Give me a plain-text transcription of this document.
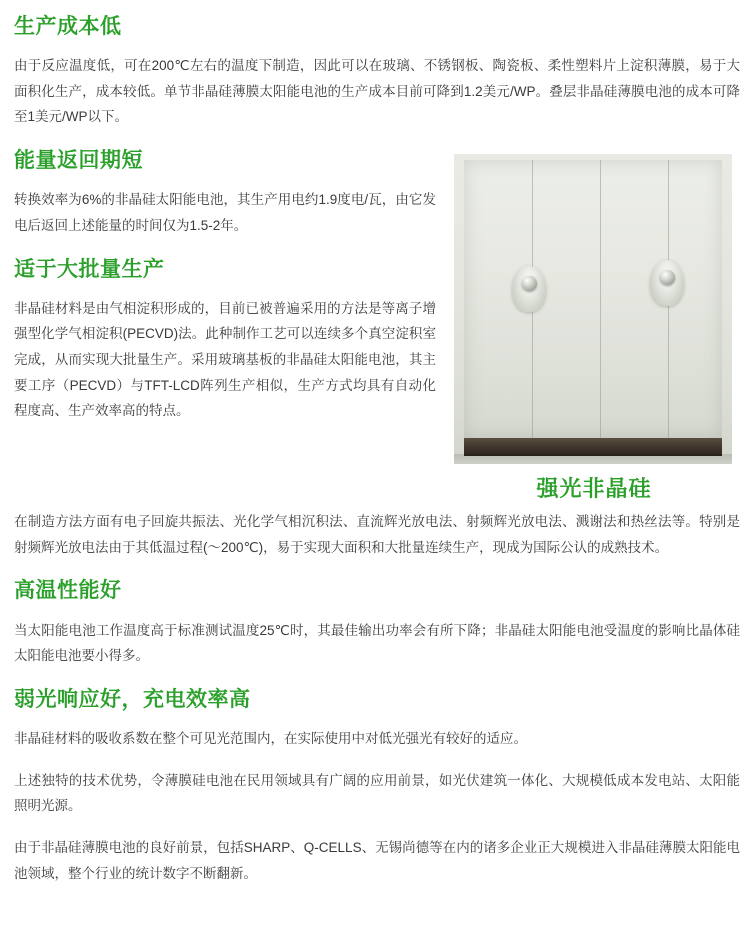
生产成本低

由于反应温度低，可在200℃左右的温度下制造，因此可以在玻璃、不锈钢板、陶瓷板、柔性塑料片上淀积薄膜，易于大面积化生产，成本较低。单节非晶硅薄膜太阳能电池的生产成本目前可降到1.2美元/WP。叠层非晶硅薄膜电池的成本可降至1美元/WP以下。

强光非晶硅
能量返回期短

转换效率为6%的非晶硅太阳能电池，其生产用电约1.9度电/瓦，由它发电后返回上述能量的时间仅为1.5-2年。

适于大批量生产

非晶硅材料是由气相淀积形成的，目前已被普遍采用的方法是等离子增强型化学气相淀积(PECVD)法。此种制作工艺可以连续多个真空淀积室完成，从而实现大批量生产。采用玻璃基板的非晶硅太阳能电池，其主要工序（PECVD）与TFT-LCD阵列生产相似，生产方式均具有自动化程度高、生产效率高的特点。

在制造方法方面有电子回旋共振法、光化学气相沉积法、直流辉光放电法、射频辉光放电法、溅谢法和热丝法等。特别是射频辉光放电法由于其低温过程(～200℃)，易于实现大面积和大批量连续生产，现成为国际公认的成熟技术。

高温性能好

当太阳能电池工作温度高于标准测试温度25℃时，其最佳输出功率会有所下降；非晶硅太阳能电池受温度的影响比晶体硅太阳能电池要小得多。

弱光响应好，充电效率高

非晶硅材料的吸收系数在整个可见光范围内，在实际使用中对低光强光有较好的适应。

上述独特的技术优势，令薄膜硅电池在民用领域具有广阔的应用前景，如光伏建筑一体化、大规模低成本发电站、太阳能照明光源。

由于非晶硅薄膜电池的良好前景，包括SHARP、Q-CELLS、无锡尚德等在内的诸多企业正大规模进入非晶硅薄膜太阳能电池领域，整个行业的统计数字不断翻新。
